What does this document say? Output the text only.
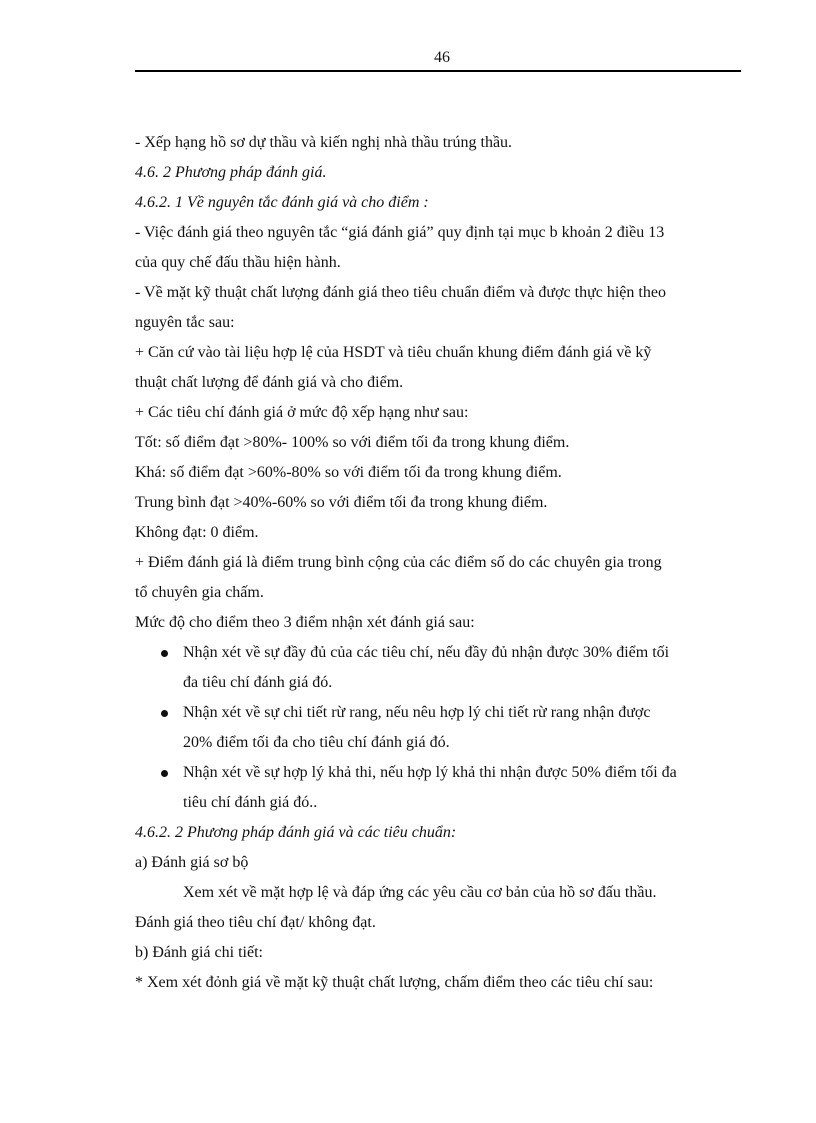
46

- Xếp hạng hồ sơ dự thầu và kiến nghị nhà thầu trúng thầu.

4.6. 2 Phương pháp đánh giá.

4.6.2. 1 Về nguyên tắc đánh giá và cho điểm :

- Việc đánh giá theo nguyên tắc “giá đánh giá” quy định tại mục b khoản 2 điều 13

của quy chế đấu thầu hiện hành.

- Về mặt kỹ thuật chất lượng đánh giá theo tiêu chuẩn điểm và được thực hiện theo

nguyên tắc sau:

+ Căn cứ vào tài liệu hợp lệ của HSDT và tiêu chuẩn khung điểm đánh giá về kỹ

thuật chất lượng để đánh giá và cho điểm.

+ Các tiêu chí đánh giá ở mức độ xếp hạng như sau:

Tốt: số điểm đạt >80%- 100% so với điểm tối đa trong khung điểm.

Khá: số điểm đạt >60%-80% so với điểm tối đa trong khung điểm.

Trung bình đạt >40%-60% so với điểm tối đa trong khung điểm.

Không đạt: 0 điểm.

+ Điểm đánh giá là điểm trung bình cộng của các điểm số do các chuyên gia trong

tổ chuyên gia chấm.

Mức độ cho điểm theo 3 điểm nhận xét đánh giá sau:

Nhận xét về sự đầy đủ của các tiêu chí, nếu đầy đủ nhận được 30% điểm tối

đa tiêu chí đánh giá đó.

Nhận xét về sự chi tiết rừ rang, nếu nêu hợp lý chi tiết rừ rang nhận được

20% điểm tối đa cho tiêu chí đánh giá đó.

Nhận xét về sự hợp lý khả thi, nếu hợp lý khả thi nhận được 50% điểm tối đa

tiêu chí đánh giá đó..

4.6.2. 2 Phương pháp đánh giá và các tiêu chuẩn:

a) Đánh giá sơ bộ

Xem xét về mặt hợp lệ và đáp ứng các yêu cầu cơ bản của hồ sơ đấu thầu.

Đánh giá theo tiêu chí đạt/ không đạt.

b) Đánh giá chi tiết:

* Xem xét đỏnh giá về mặt kỹ thuật chất lượng, chấm điểm theo các tiêu chí sau:
